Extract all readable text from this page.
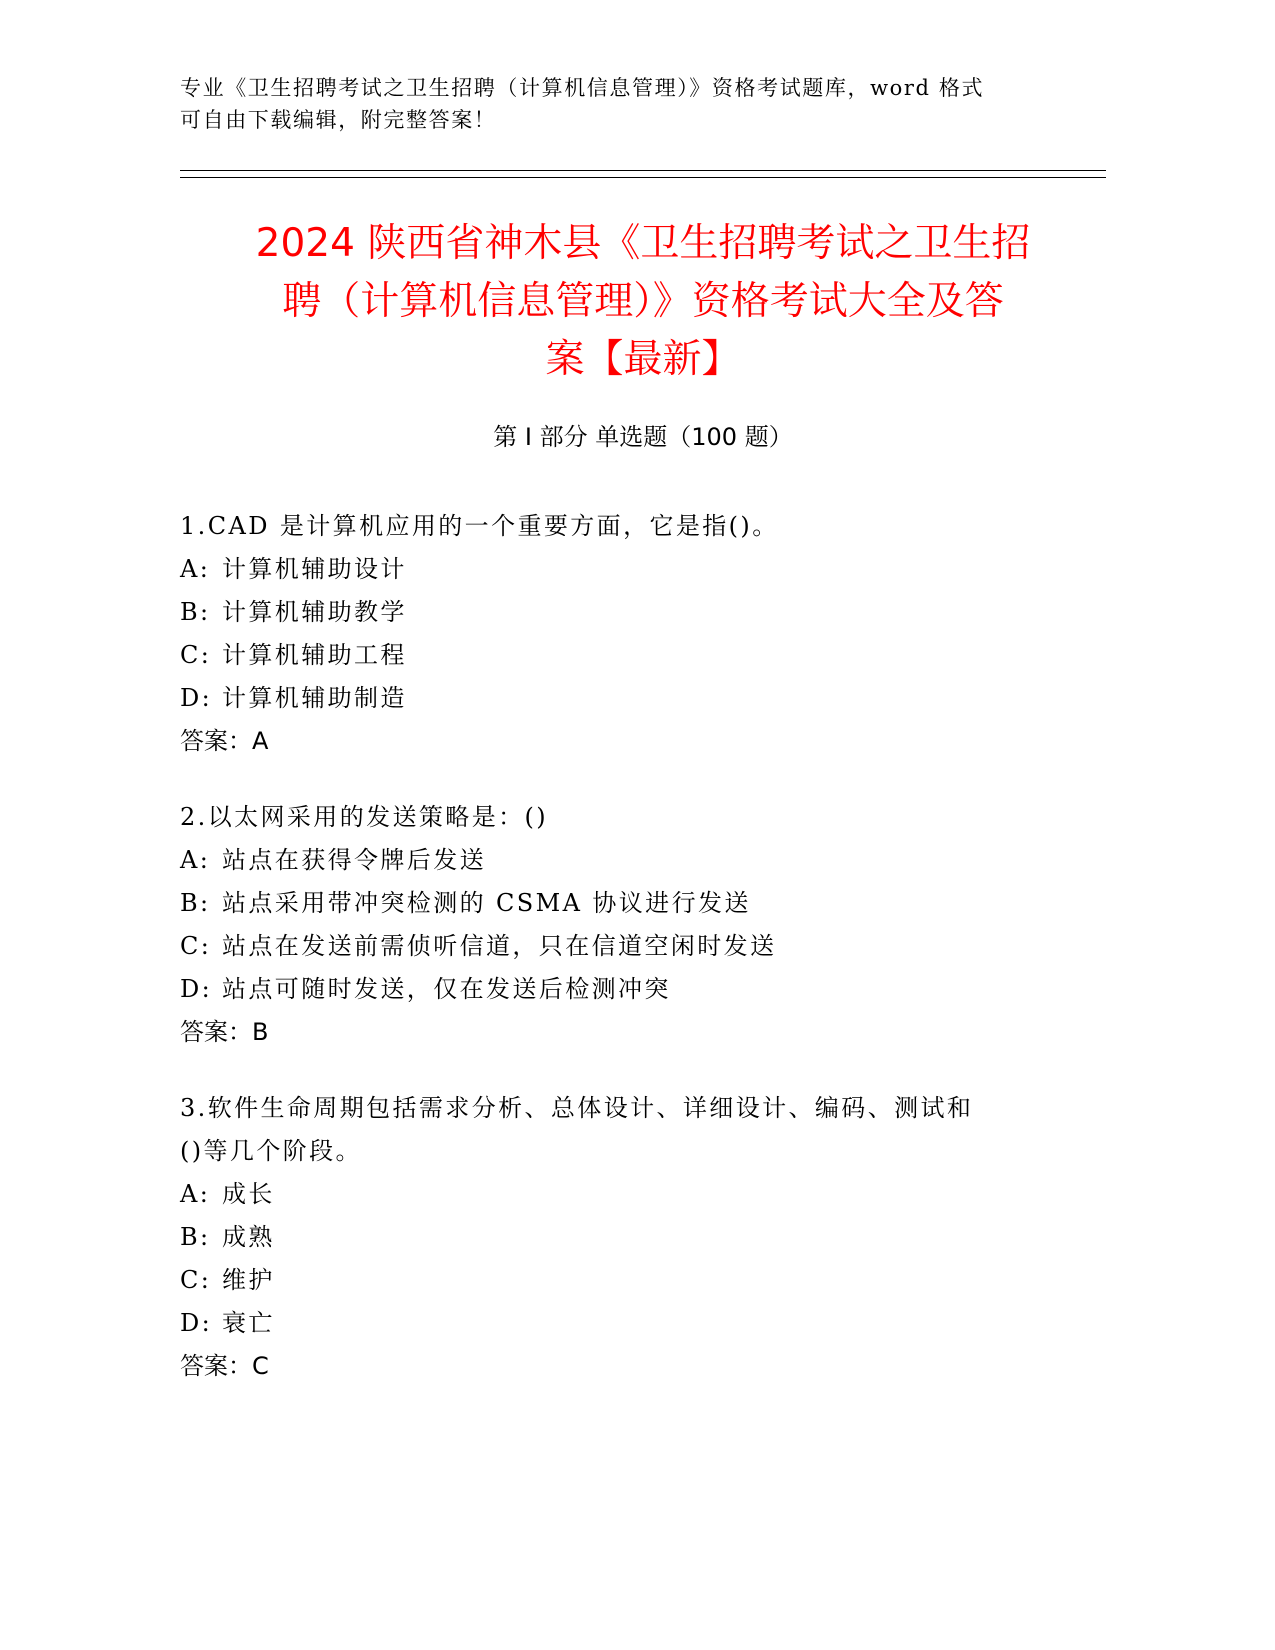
专业《卫生招聘考试之卫生招聘（计算机信息管理）》资格考试题库，word 格式
可自由下载编辑，附完整答案！
2024 陕西省神木县《卫生招聘考试之卫生招
聘（计算机信息管理）》资格考试大全及答
案【最新】
第 I 部分 单选题（100 题）

1.CAD 是计算机应用的一个重要方面，它是指()。

A: 计算机辅助设计

B: 计算机辅助教学

C: 计算机辅助工程

D: 计算机辅助制造

答案：A

2.以太网采用的发送策略是：()

A: 站点在获得令牌后发送

B: 站点采用带冲突检测的 CSMA 协议进行发送

C: 站点在发送前需侦听信道，只在信道空闲时发送

D: 站点可随时发送，仅在发送后检测冲突

答案：B

3.软件生命周期包括需求分析、总体设计、详细设计、编码、测试和

()等几个阶段。

A: 成长

B: 成熟

C: 维护

D: 衰亡

答案：C
